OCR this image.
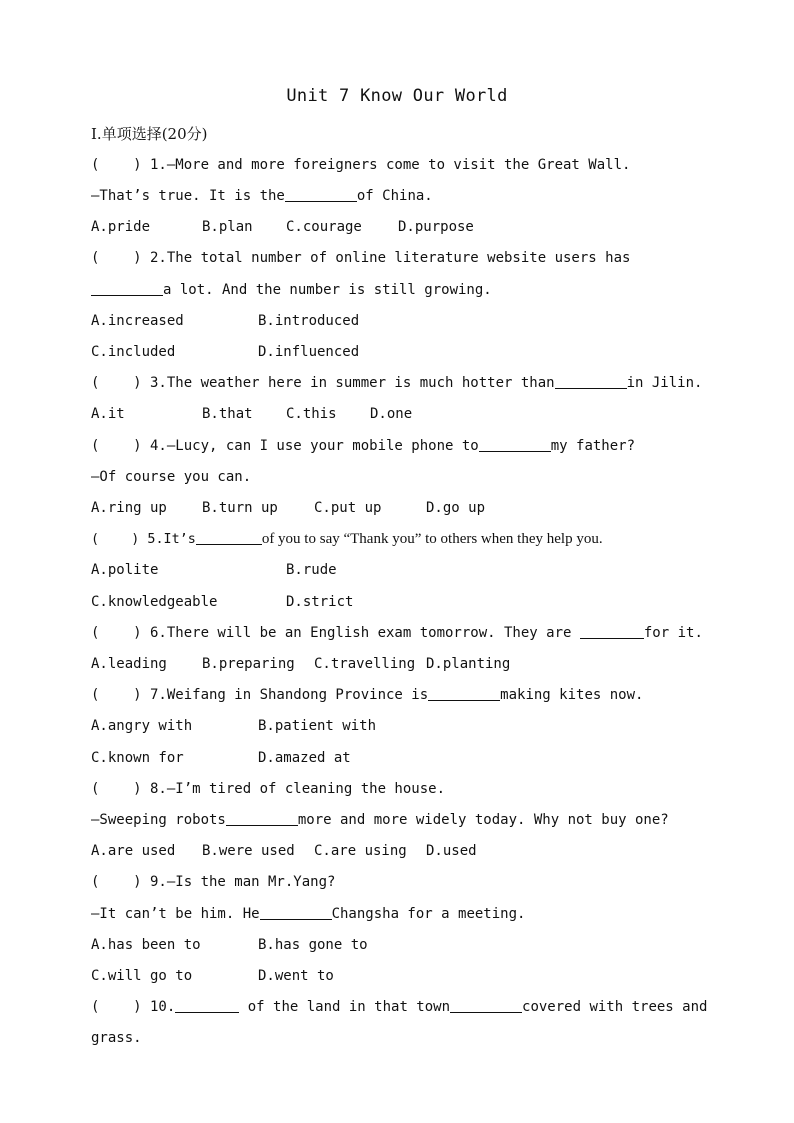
Unit 7 Know Our World
Ⅰ.单项选择(20分)
(    ) 1.—More and more foreigners come to visit the Great Wall.
—That’s true. It is the	of China.
A.pride	B.plan C.courage	D.purpose
(    ) 2.The total number of online literature website users has
a lot. And the number is still growing.
A.increased	B.introduced
C.included	D.influenced
(    ) 3.The weather here in summer is much hotter than	in Jilin.
A.it	B.that C.this D.one
(    ) 4.—Lucy, can I use your mobile phone to	my father?
—Of course you can.
A.ring up	B.turn up	C.put up	D.go up
(    ) 5.It’s	of you to say “Thank you” to others when they help you.
A.polite	B.rude
C.knowledgeable	D.strict
(    ) 6.There will be an English exam tomorrow. They are	for it.
A.leading	B.preparing C.travelling D.planting
(    ) 7.Weifang in Shandong Province is	making kites now.
A.angry with	B.patient with
C.known for	D.amazed at
(    ) 8.—I’m tired of cleaning the house.
—Sweeping robots	more and more widely today. Why not buy one?
A.are used B.were used C.are using D.used
(    ) 9.—Is the man Mr.Yang?
—It can’t be him. He	Changsha for a meeting.
A.has been to	B.has gone to
C.will go to	D.went to
(    ) 10.	of the land in that town	covered with trees and
grass.
